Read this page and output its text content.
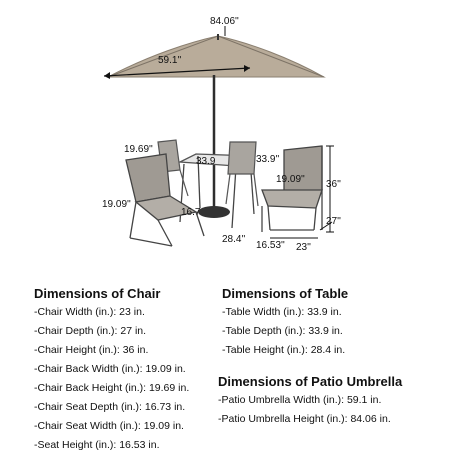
84.06''
59.1''
19.69''
33.9	33.9''
19.09'' 36''
19.09''
16.7
27''
28.4''
16.53'' 23''
Dimensions of Chair
-Chair Width (in.): 23 in.
-Chair Depth (in.): 27 in.
-Chair Height (in.): 36 in.
-Chair Back Width (in.): 19.09 in.
-Chair Back Height (in.): 19.69 in.
-Chair Seat Depth (in.): 16.73 in.
-Chair Seat Width (in.): 19.09 in.
-Seat Height (in.): 16.53 in.
Dimensions of Table
-Table Width (in.): 33.9 in.
-Table Depth (in.): 33.9 in.
-Table Height (in.): 28.4 in.
Dimensions of Patio Umbrella
-Patio Umbrella Width (in.): 59.1 in.
-Patio Umbrella Height (in.): 84.06 in.
